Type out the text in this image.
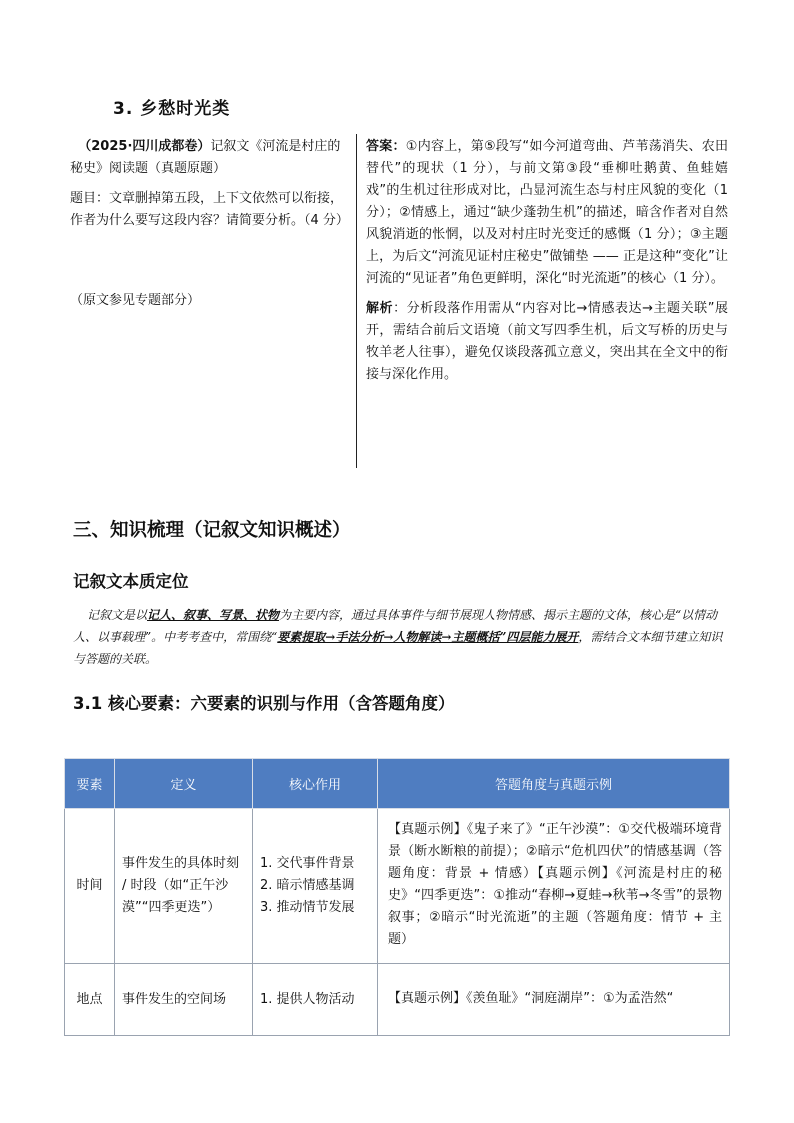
3. 乡愁时光类

（2025·四川成都卷）记叙文《河流是村庄的秘史》阅读题（真题原题）

题目：文章删掉第五段，上下文依然可以衔接，作者为什么要写这段内容？请简要分析。（4 分）

（原文参见专题部分）

答案：①内容上，第⑤段写“如今河道弯曲、芦苇荡消失、农田替代”的现状（1 分），与前文第③段“垂柳吐鹅黄、鱼蛙嬉戏”的生机过往形成对比，凸显河流生态与村庄风貌的变化（1 分）；②情感上，通过“缺少蓬勃生机”的描述，暗含作者对自然风貌消逝的怅惘，以及对村庄时光变迁的感慨（1 分）；③主题上，为后文“河流见证村庄秘史”做铺垫 —— 正是这种“变化”让河流的“见证者”角色更鲜明，深化“时光流逝”的核心（1 分）。

解析：分析段落作用需从“内容对比→情感表达→主题关联”展开，需结合前后文语境（前文写四季生机，后文写桥的历史与牧羊老人往事），避免仅谈段落孤立意义，突出其在全文中的衔接与深化作用。

三、知识梳理（记叙文知识概述）
记叙文本质定位
记叙文是以记人、叙事、写景、状物为主要内容，通过具体事件与细节展现人物情感、揭示主题的文体，核心是“以情动人、以事载理”。中考考查中，常围绕“要素提取→手法分析→人物解读→主题概括”四层能力展开，需结合文本细节建立知识与答题的关联。
3.1 核心要素：六要素的识别与作用（含答题角度）
要素	定义	核心作用	答题角度与真题示例
时间	事件发生的具体时刻 / 时段（如“正午沙漠”“四季更迭”）	1. 交代事件背景
2. 暗示情感基调
3. 推动情节发展	【真题示例】《鬼子来了》“正午沙漠”：①交代极端环境背景（断水断粮的前提）；②暗示“危机四伏”的情感基调（答题角度：背景 + 情感）【真题示例】《河流是村庄的秘史》“四季更迭”：①推动“春柳→夏蛙→秋苇→冬雪”的景物叙事；②暗示“时光流逝”的主题（答题角度：情节 + 主题）
地点	事件发生的空间场	1. 提供人物活动	【真题示例】《羡鱼耻》“洞庭湖岸”：①为孟浩然“
